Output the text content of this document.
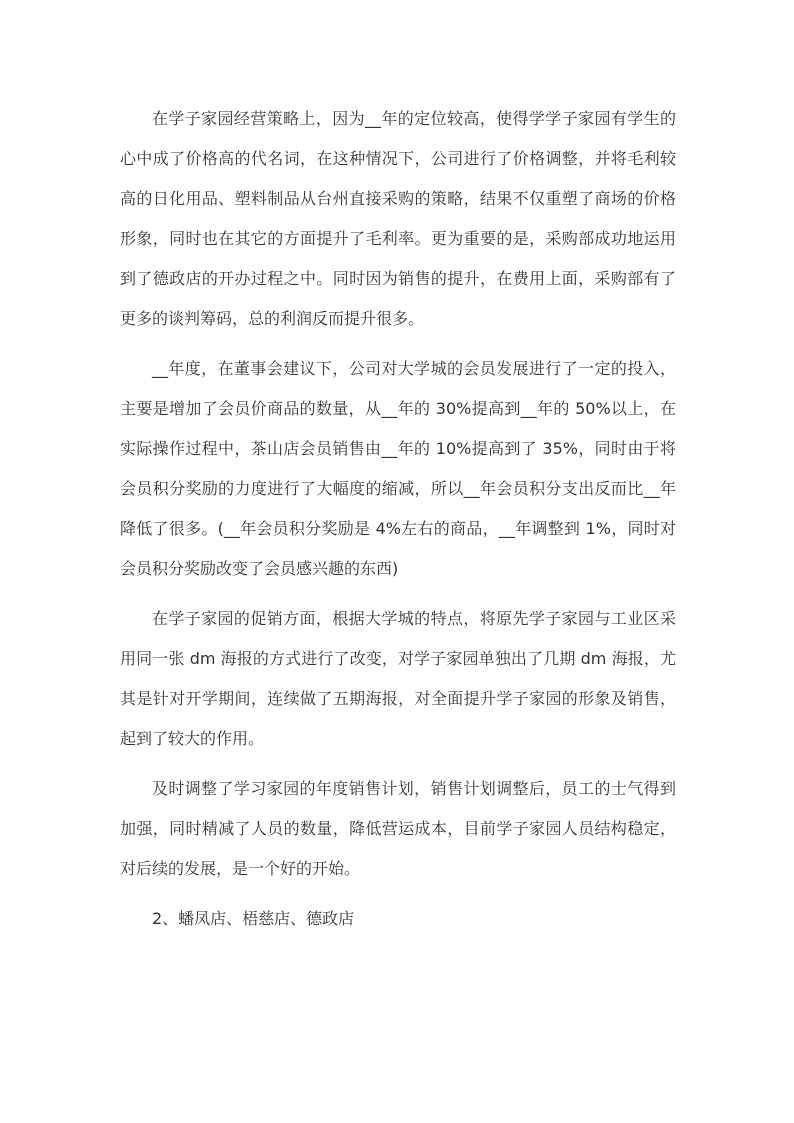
在学子家园经营策略上，因为__年的定位较高，使得学学子家园有学生的心中成了价格高的代名词，在这种情况下，公司进行了价格调整，并将毛利较高的日化用品、塑料制品从台州直接采购的策略，结果不仅重塑了商场的价格形象，同时也在其它的方面提升了毛利率。更为重要的是，采购部成功地运用到了德政店的开办过程之中。同时因为销售的提升，在费用上面，采购部有了更多的谈判筹码，总的利润反而提升很多。

__年度，在董事会建议下，公司对大学城的会员发展进行了一定的投入，主要是增加了会员价商品的数量，从__年的 30%提高到__年的 50%以上，在实际操作过程中，茶山店会员销售由__年的 10%提高到了 35%，同时由于将会员积分奖励的力度进行了大幅度的缩减，所以__年会员积分支出反而比__年降低了很多。(__年会员积分奖励是 4%左右的商品，__年调整到 1%，同时对会员积分奖励改变了会员感兴趣的东西)

在学子家园的促销方面，根据大学城的特点，将原先学子家园与工业区采用同一张 dm 海报的方式进行了改变，对学子家园单独出了几期 dm 海报，尤其是针对开学期间，连续做了五期海报，对全面提升学子家园的形象及销售，起到了较大的作用。

及时调整了学习家园的年度销售计划，销售计划调整后，员工的士气得到加强，同时精减了人员的数量，降低营运成本，目前学子家园人员结构稳定，对后续的发展，是一个好的开始。

2、蟠凤店、梧慈店、德政店
